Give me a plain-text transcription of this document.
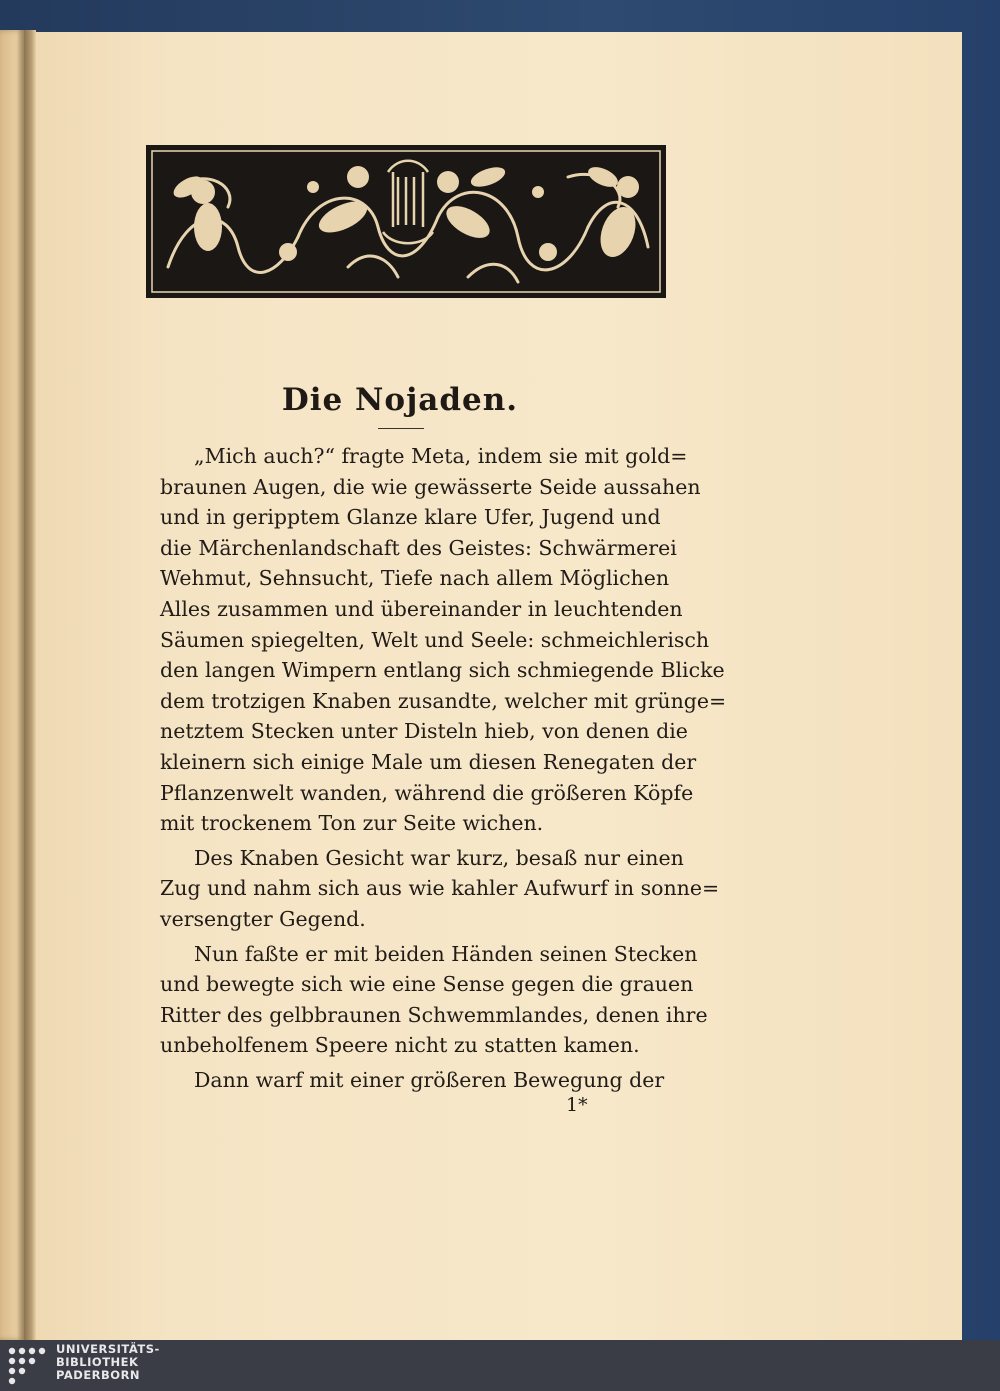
Die Nojaden.
„Mich auch?“ fragte Meta, indem sie mit gold=
braunen Augen, die wie gewässerte Seide aussahen
und in geripptem Glanze klare Ufer, Jugend und
die Märchenlandschaft des Geistes: Schwärmerei
Wehmut, Sehnsucht, Tiefe nach allem Möglichen
Alles zusammen und übereinander in leuchtenden
Säumen spiegelten, Welt und Seele: schmeichlerisch
den langen Wimpern entlang sich schmiegende Blicke
dem trotzigen Knaben zusandte, welcher mit grünge=
netztem Stecken unter Disteln hieb, von denen die
kleinern sich einige Male um diesen Renegaten der
Pflanzenwelt wanden, während die größeren Köpfe
mit trockenem Ton zur Seite wichen.
Des Knaben Gesicht war kurz, besaß nur einen
Zug und nahm sich aus wie kahler Aufwurf in sonne=
versengter Gegend.
Nun faßte er mit beiden Händen seinen Stecken
und bewegte sich wie eine Sense gegen die grauen
Ritter des gelbbraunen Schwemmlandes, denen ihre
unbeholfenem Speere nicht zu statten kamen.
Dann warf mit einer größeren Bewegung der
1*
UNIVERSITÄTS-
BIBLIOTHEK
PADERBORN
